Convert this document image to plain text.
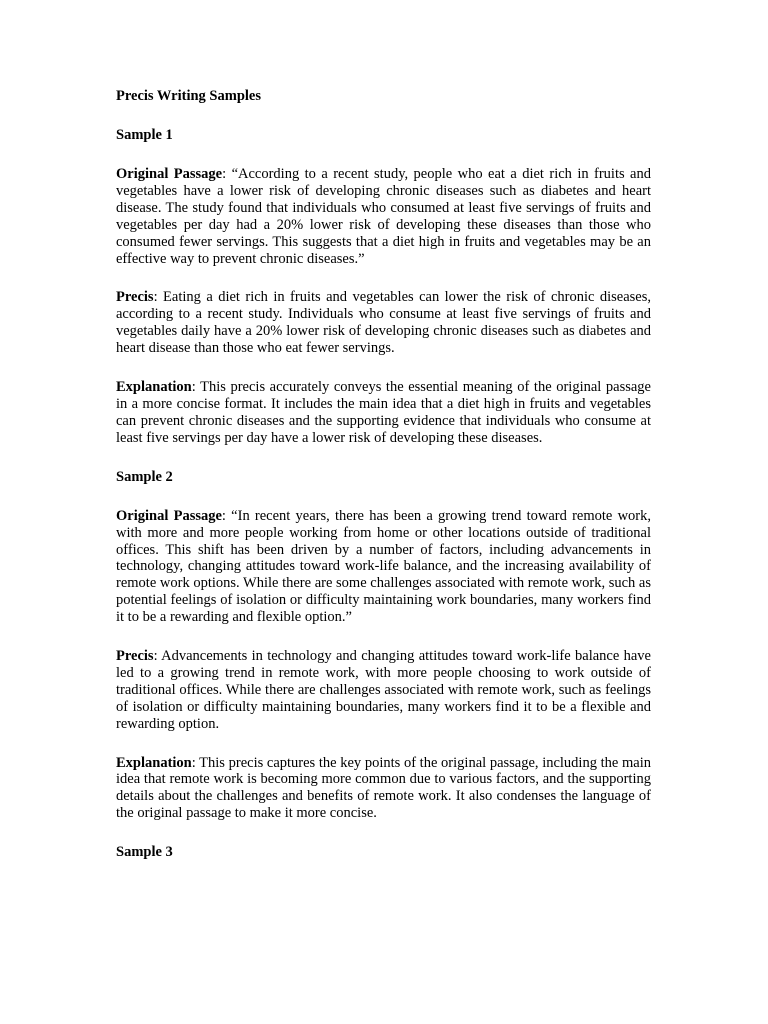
Precis Writing Samples
Sample 1

Original Passage: “According to a recent study, people who eat a diet rich in fruits and vegetables have a lower risk of developing chronic diseases such as diabetes and heart disease. The study found that individuals who consumed at least five servings of fruits and vegetables per day had a 20% lower risk of developing these diseases than those who consumed fewer servings. This suggests that a diet high in fruits and vegetables may be an effective way to prevent chronic diseases.”

Precis: Eating a diet rich in fruits and vegetables can lower the risk of chronic diseases, according to a recent study. Individuals who consume at least five servings of fruits and vegetables daily have a 20% lower risk of developing chronic diseases such as diabetes and heart disease than those who eat fewer servings.

Explanation: This precis accurately conveys the essential meaning of the original passage in a more concise format. It includes the main idea that a diet high in fruits and vegetables can prevent chronic diseases and the supporting evidence that individuals who consume at least five servings per day have a lower risk of developing these diseases.

Sample 2

Original Passage: “In recent years, there has been a growing trend toward remote work, with more and more people working from home or other locations outside of traditional offices. This shift has been driven by a number of factors, including advancements in technology, changing attitudes toward work-life balance, and the increasing availability of remote work options. While there are some challenges associated with remote work, such as potential feelings of isolation or difficulty maintaining work boundaries, many workers find it to be a rewarding and flexible option.”

Precis: Advancements in technology and changing attitudes toward work-life balance have led to a growing trend in remote work, with more people choosing to work outside of traditional offices. While there are challenges associated with remote work, such as feelings of isolation or difficulty maintaining boundaries, many workers find it to be a flexible and rewarding option.

Explanation: This precis captures the key points of the original passage, including the main idea that remote work is becoming more common due to various factors, and the supporting details about the challenges and benefits of remote work. It also condenses the language of the original passage to make it more concise.

Sample 3
